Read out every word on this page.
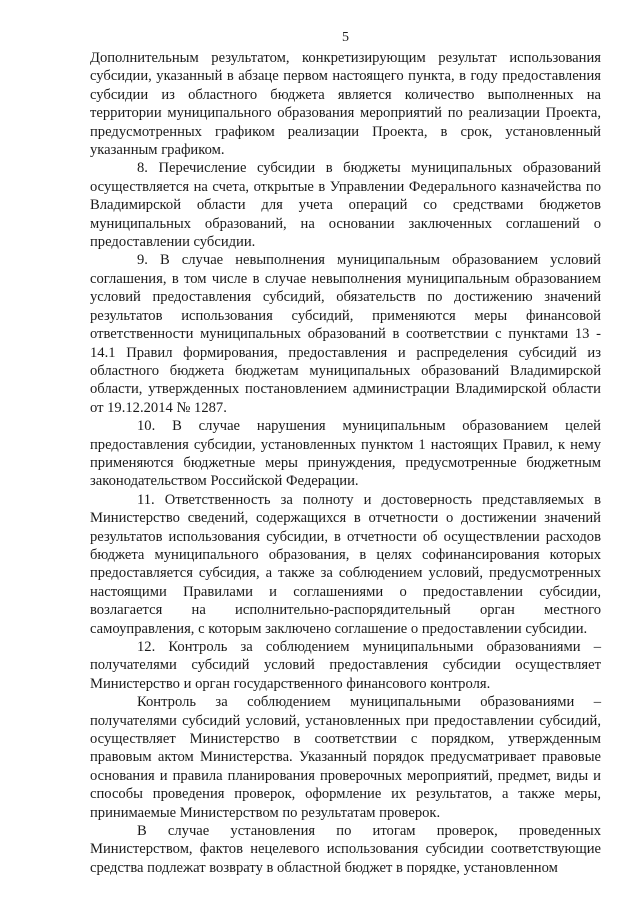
5

Дополнительным результатом, конкретизирующим результат использования субсидии, указанный в абзаце первом настоящего пункта, в году предоставления субсидии из областного бюджета является количество выполненных на территории муниципального образования мероприятий по реализации Проекта, предусмотренных графиком реализации Проекта, в срок, установленный указанным графиком.

8. Перечисление субсидии в бюджеты муниципальных образований осуществляется на счета, открытые в Управлении Федерального казначейства по Владимирской области для учета операций со средствами бюджетов муниципальных образований, на основании заключенных соглашений о предоставлении субсидии.

9. В случае невыполнения муниципальным образованием условий соглашения, в том числе в случае невыполнения муниципальным образованием условий предоставления субсидий, обязательств по достижению значений результатов использования субсидий, применяются меры финансовой ответственности муниципальных образований в соответствии с пунктами 13 - 14.1 Правил формирования, предоставления и распределения субсидий из областного бюджета бюджетам муниципальных образований Владимирской области, утвержденных постановлением администрации Владимирской области от 19.12.2014 № 1287.

10. В случае нарушения муниципальным образованием целей предоставления субсидии, установленных пунктом 1 настоящих Правил, к нему применяются бюджетные меры принуждения, предусмотренные бюджетным законодательством Российской Федерации.

11. Ответственность за полноту и достоверность представляемых в Министерство сведений, содержащихся в отчетности о достижении значений результатов использования субсидии, в отчетности об осуществлении расходов бюджета муниципального образования, в целях софинансирования которых предоставляется субсидия, а также за соблюдением условий, предусмотренных настоящими Правилами и соглашениями о предоставлении субсидии, возлагается на исполнительно-распорядительный орган местного самоуправления, с которым заключено соглашение о предоставлении субсидии.

12. Контроль за соблюдением муниципальными образованиями – получателями субсидий условий предоставления субсидии осуществляет Министерство и орган государственного финансового контроля.

Контроль за соблюдением муниципальными образованиями – получателями субсидий условий, установленных при предоставлении субсидий, осуществляет Министерство в соответствии с порядком, утвержденным правовым актом Министерства. Указанный порядок предусматривает правовые основания и правила планирования проверочных мероприятий, предмет, виды и способы проведения проверок, оформление их результатов, а также меры, принимаемые Министерством по результатам проверок.

В случае установления по итогам проверок, проведенных Министерством, фактов нецелевого использования субсидии соответствующие средства подлежат возврату в областной бюджет в порядке, установленном
